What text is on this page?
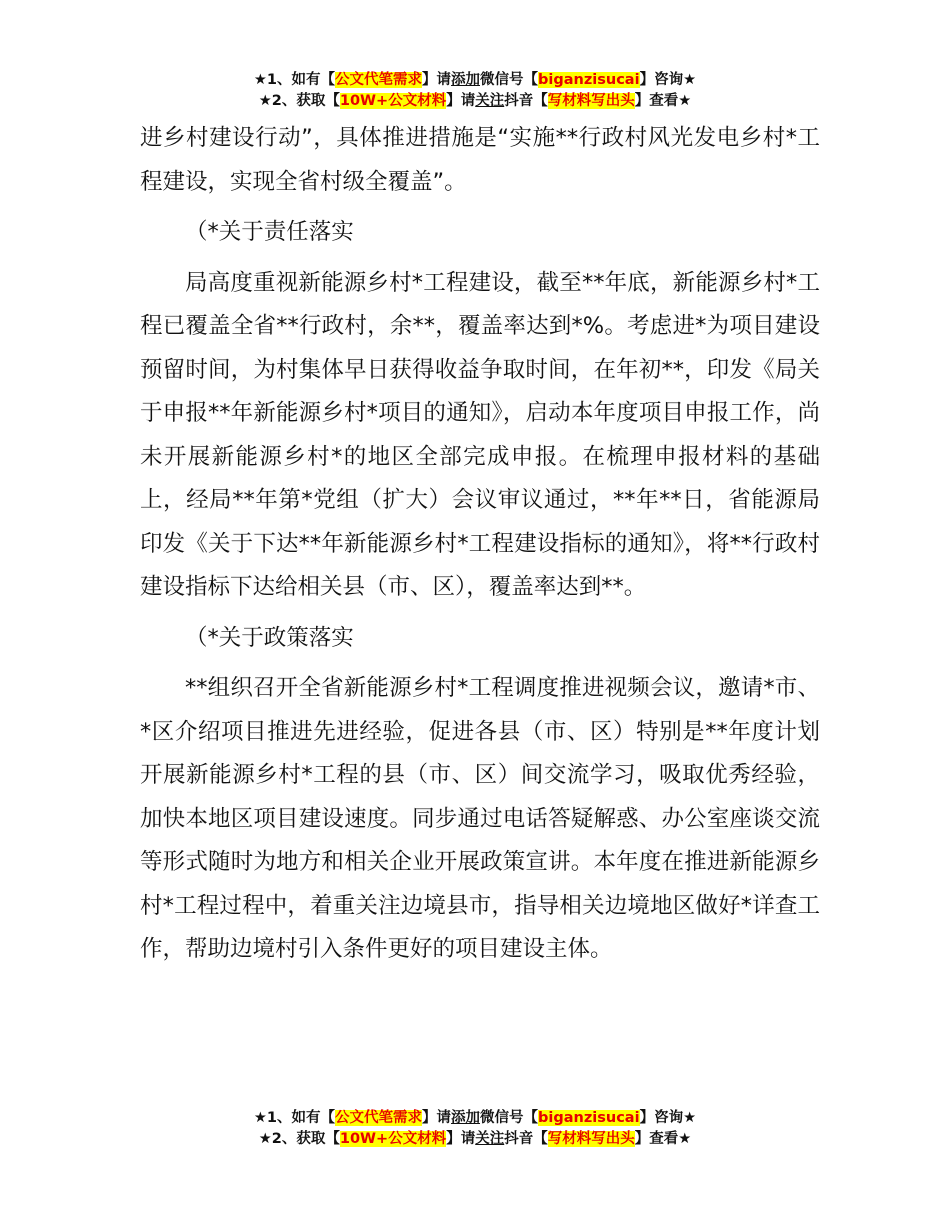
★1、如有【公文代笔需求】请添加微信号【biganzisucai】咨询★
★2、获取【10W+公文材料】请关注抖音【写材料写出头】查看★

进乡村建设行动”，具体推进措施是“实施**行政村风光发电乡村*工程建设，实现全省村级全覆盖”。

（*关于责任落实

局高度重视新能源乡村*工程建设，截至**年底，新能源乡村*工程已覆盖全省**行政村，余**，覆盖率达到*%。考虑进*为项目建设预留时间，为村集体早日获得收益争取时间，在年初**，印发《局关于申报**年新能源乡村*项目的通知》，启动本年度项目申报工作，尚未开展新能源乡村*的地区全部完成申报。在梳理申报材料的基础上，经局**年第*党组（扩大）会议审议通过，**年**日，省能源局印发《关于下达**年新能源乡村*工程建设指标的通知》，将**行政村建设指标下达给相关县（市、区），覆盖率达到**。

（*关于政策落实

**组织召开全省新能源乡村*工程调度推进视频会议，邀请*市、*区介绍项目推进先进经验，促进各县（市、区）特别是**年度计划开展新能源乡村*工程的县（市、区）间交流学习，吸取优秀经验，加快本地区项目建设速度。同步通过电话答疑解惑、办公室座谈交流等形式随时为地方和相关企业开展政策宣讲。本年度在推进新能源乡村*工程过程中，着重关注边境县市，指导相关边境地区做好*详查工作，帮助边境村引入条件更好的项目建设主体。

★1、如有【公文代笔需求】请添加微信号【biganzisucai】咨询★
★2、获取【10W+公文材料】请关注抖音【写材料写出头】查看★
